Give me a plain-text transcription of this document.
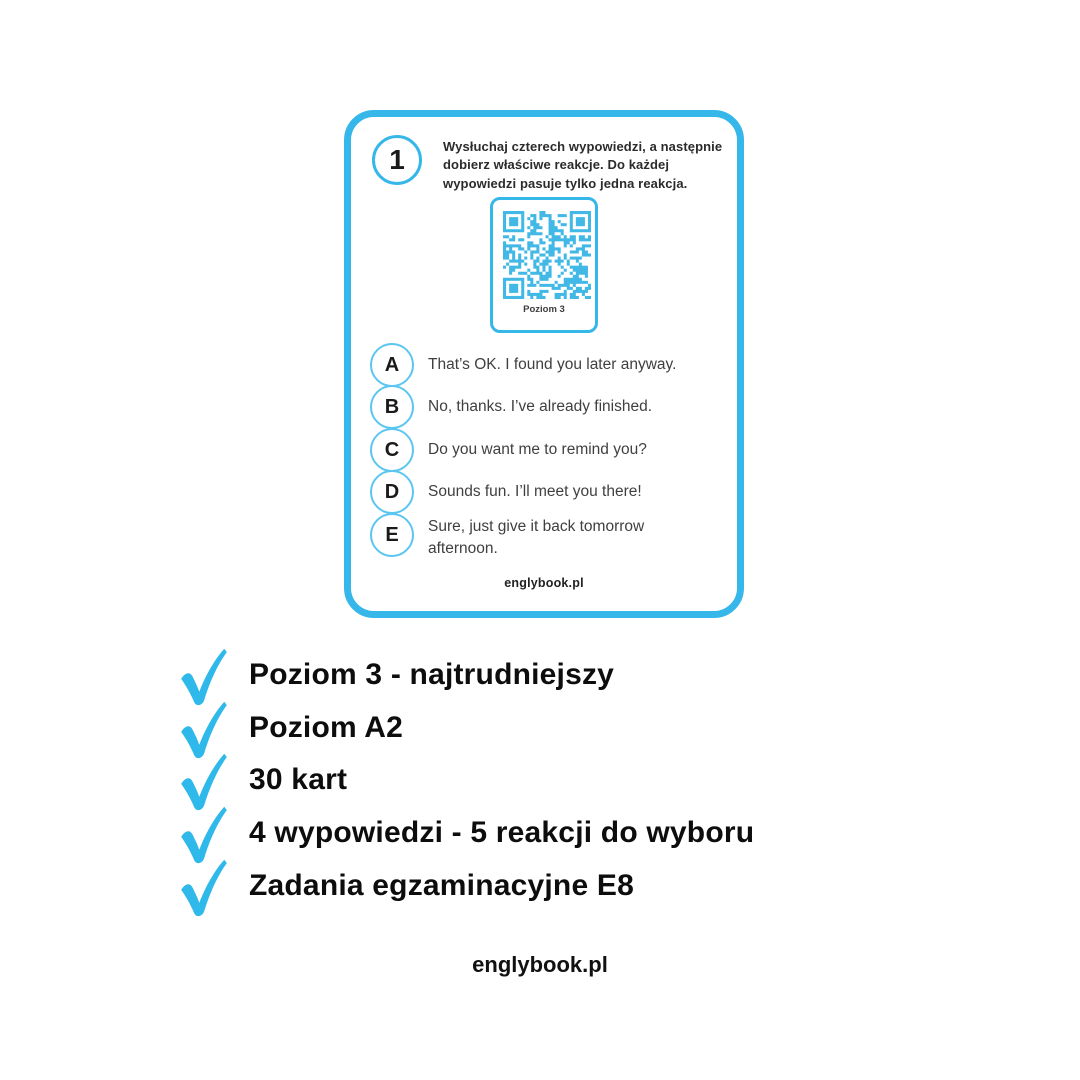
1	Wysłuchaj czterech wypowiedzi, a następnie dobierz właściwe reakcje. Do każdej wypowiedzi pasuje tylko jedna reakcja.
Poziom 3
A That’s OK. I found you later anyway.
B No, thanks. I’ve already finished.
C Do you want me to remind you?
D Sounds fun. I’ll meet you there!
E Sure, just give it back tomorrow afternoon.
englybook.pl
Poziom 3 - najtrudniejszy
Poziom A2
30 kart
4 wypowiedzi - 5 reakcji do wyboru
Zadania egzaminacyjne E8
englybook.pl
